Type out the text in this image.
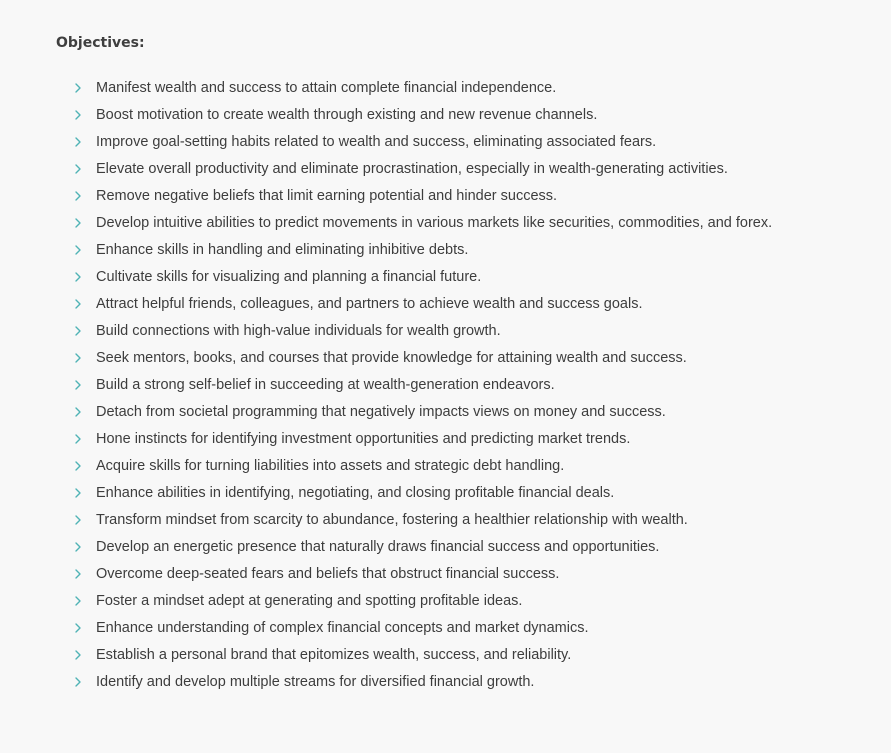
Objectives:
Manifest wealth and success to attain complete financial independence.
Boost motivation to create wealth through existing and new revenue channels.
Improve goal-setting habits related to wealth and success, eliminating associated fears.
Elevate overall productivity and eliminate procrastination, especially in wealth-generating activities.
Remove negative beliefs that limit earning potential and hinder success.
Develop intuitive abilities to predict movements in various markets like securities, commodities, and forex.
Enhance skills in handling and eliminating inhibitive debts.
Cultivate skills for visualizing and planning a financial future.
Attract helpful friends, colleagues, and partners to achieve wealth and success goals.
Build connections with high-value individuals for wealth growth.
Seek mentors, books, and courses that provide knowledge for attaining wealth and success.
Build a strong self-belief in succeeding at wealth-generation endeavors.
Detach from societal programming that negatively impacts views on money and success.
Hone instincts for identifying investment opportunities and predicting market trends.
Acquire skills for turning liabilities into assets and strategic debt handling.
Enhance abilities in identifying, negotiating, and closing profitable financial deals.
Transform mindset from scarcity to abundance, fostering a healthier relationship with wealth.
Develop an energetic presence that naturally draws financial success and opportunities.
Overcome deep-seated fears and beliefs that obstruct financial success.
Foster a mindset adept at generating and spotting profitable ideas.
Enhance understanding of complex financial concepts and market dynamics.
Establish a personal brand that epitomizes wealth, success, and reliability.
Identify and develop multiple streams for diversified financial growth.
